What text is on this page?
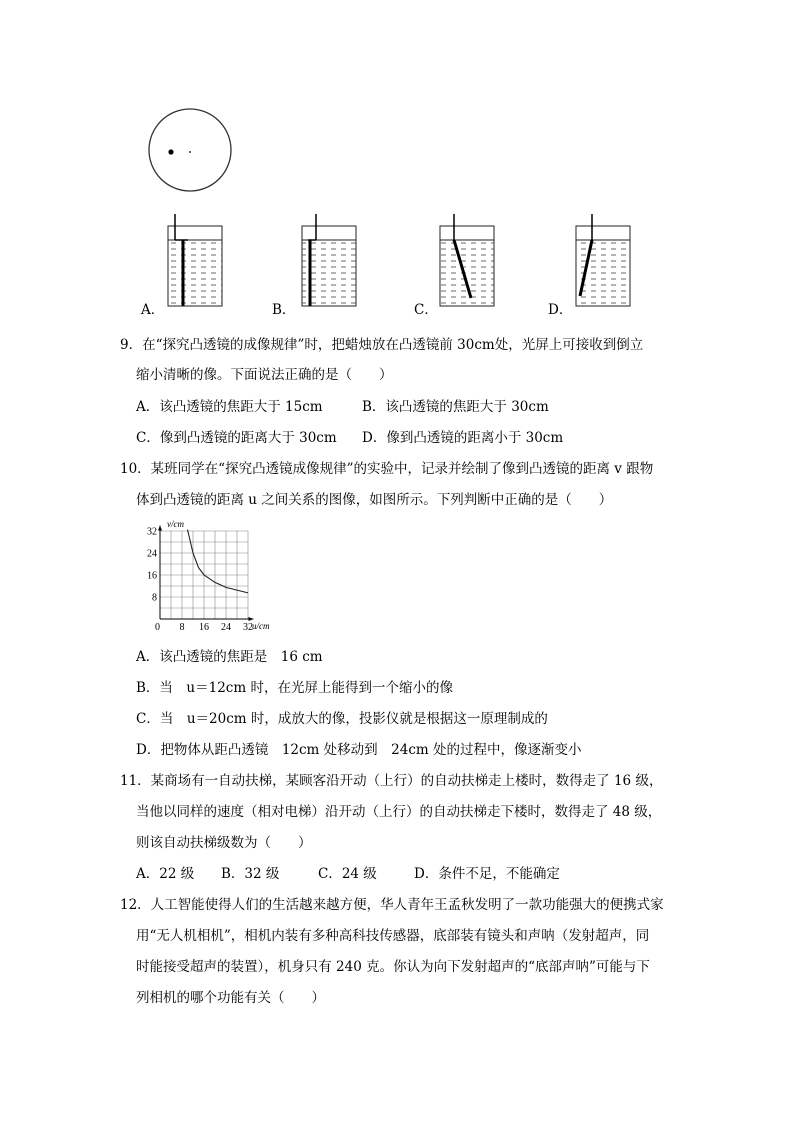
A．	B．	C．	D．
9．在“探究凸透镜的成像规律”时，把蜡烛放在凸透镜前 30cm处，光屏上可接收到倒立
缩小清晰的像。下面说法正确的是（　　）
A．该凸透镜的焦距大于 15cm	B．该凸透镜的焦距大于 30cm
C．像到凸透镜的距离大于 30cm D．像到凸透镜的距离小于 30cm
10．某班同学在“探究凸透镜成像规律”的实验中，记录并绘制了像到凸透镜的距离 v 跟物
体到凸透镜的距离 u 之间关系的图像，如图所示。下列判断中正确的是（　　）
8 16 24 32
8
16
24
32
v/cm
u/cm
0
A．该凸透镜的焦距是　16 cm
B．当　u＝12cm 时，在光屏上能得到一个缩小的像
C．当　u＝20cm 时，成放大的像，投影仪就是根据这一原理制成的
D．把物体从距凸透镜　12cm 处移动到　24cm 处的过程中，像逐渐变小
11．某商场有一自动扶梯，某顾客沿开动（上行）的自动扶梯走上楼时，数得走了 16 级，
当他以同样的速度（相对电梯）沿开动（上行）的自动扶梯走下楼时，数得走了 48 级，
则该自动扶梯级数为（　　）
A．22 级 B．32 级	C．24 级	D．条件不足，不能确定
12．人工智能使得人们的生活越来越方便，华人青年王孟秋发明了一款功能强大的便携式家
用“无人机相机”，相机内装有多种高科技传感器，底部装有镜头和声呐（发射超声，同
时能接受超声的装置），机身只有 240 克。你认为向下发射超声的“底部声呐”可能与下
列相机的哪个功能有关（　　）
